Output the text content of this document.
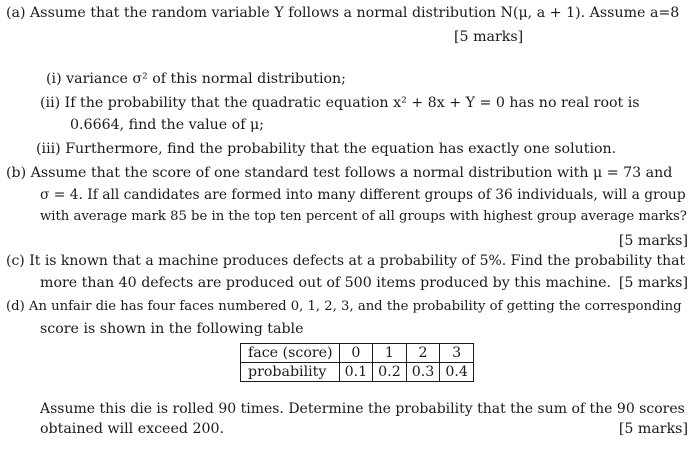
(a) Assume that the random variable Y follows a normal distribution N(μ, a + 1). Assume a=8
[5 marks]
(i) variance σ² of this normal distribution;
(ii) If the probability that the quadratic equation x² + 8x + Y = 0 has no real root is
0.6664, find the value of μ;
(iii) Furthermore, find the probability that the equation has exactly one solution.
(b) Assume that the score of one standard test follows a normal distribution with μ = 73 and
σ = 4. If all candidates are formed into many different groups of 36 individuals, will a group
with average mark 85 be in the top ten percent of all groups with highest group average marks?
[5 marks]
(c) It is known that a machine produces defects at a probability of 5%. Find the probability that
more than 40 defects are produced out of 500 items produced by this machine. [5 marks]
(d) An unfair die has four faces numbered 0, 1, 2, 3, and the probability of getting the corresponding
score is shown in the following table
face (score)	0	1	2	3
probability	0.1	0.2	0.3	0.4
Assume this die is rolled 90 times. Determine the probability that the sum of the 90 scores
obtained will exceed 200.	[5 marks]
